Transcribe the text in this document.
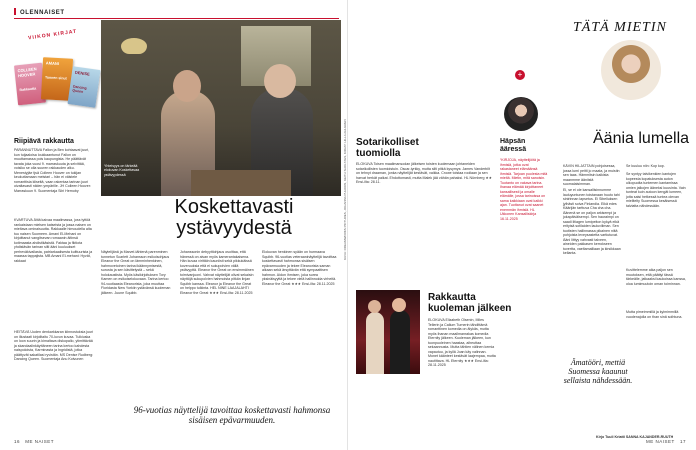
OLENNAISET
VIIKON KIRJAT
COLLEEN HOOVER
Rakkautta
AMANI
Tunnen sinut
DENISE
Dancing Queen
Riipiävä rakkautta
PARANNUTTAVA Fallon ja Ben kohtaavat juuri, kun tuijaaloisa loukkaantunut Fallon on muuttamassa pois kaupungista. He päättävät tavata joka vuosi 9. marraskuuta ja selvittää, voisiko se olla suuren rakkauden alku. Menestyjäe tjsä Colleen Hoover on tukijan keukuttamaan meistari – hän ei väistele romanttisia kliseitä, vaan rakentaa tarinan juuri oivaltavasti niiden ympärille. JH Colleen Hoover: Marraskuun 9. Suomentaja Siiri Hernoby
KVARTUVA Äitiä kaivaa maailmassa, joss tyttöä rankaistaan mielsen katseista ja jossa naisen on mieltava ominaisuutta. Rakkaalle himoudella alta tuu naisen Suomeen. Amani El-Mehani on kirjoittanut vangitsevan romaanin äitinsä kotimaasta ahdistikäsistä. Faktaa ja fiktiota yhdistävän tarinan silti ääni kuuluukset perheväkivallasta, patriarkaalisesta kulttuurista ja maassa tappajista. MB Amani El-mehani: Hyvät, rakkaat
HEITÄVÄ Uuden denkarkkaran kiinnostuksia juuri on illustaati kirjoiltaitu 70-luvun kuvaa. Tulkiuska on loon suurin ja kimaltava diskopallo, ytimittävää ja skandaalinkäyttäneen tarina kertoo kahdesta naispoloista, Karminasta ja Ingridistä, jotka päättyvät sakatilasi ryvistän. MS Denise Rudberg: Dancing Queen. Suomentaja Anu Koivunen
Yhteisyys on tärkeää elokuvan Koskettavaa ystävyydessä
Koskettavasti ystävyydestä
Näytelijänä ja Marvel-tähtenä parenminen tunnetun Scarlett Johansson esikoisohjaus Eleanor the Great on lämminhenkinen, hahmovetoinen tarina ikäännymisestä, surusta ja sen käsittelystä – sekä holokaustista. Myös käsikirjoituksen Tory Kamen on esikoiselokuvaan. Tarina kertoo 94-vuotiaasta Eleanorista, joka muuttaa Floridasta New Yorkiin ystävänsä kuoleman jälkeen. Juune Squibb.
Johanssonin debyyttiohjaus osoittaa, että hänessä on aivan myös kamerantakaisena. Hän kuvaa virittäin kauniisti sekä pikkukäissä koveruuksia että ei sukupolvien väliä ystävyyttä. Eleanor the Great on ensimmäinen toimivanjuoni. Vahvat näyttelijät olivat sekaisin näyttöjä sukupolvien hahmoista pitkän linjan Squibb kanssa. Eleanor ja Eleanor the Great on helppo tulkinta. HEL NINE LAAJALAHTI Eleanor the Great ★★★ Ensi-ilta: 28.11.2025
Elokuvan henkinen syään on hurmaava Squibb. 96-vuotias veteraaninäyttelijä tavoittaa koskettavasti hahmonsa sisäisen epävarmuuden ja tekee Eleanorista saman aikaan sekä ärsyttävän että sympaattisen hahmon. Aidon ihmisen, joka surea yksinäisyyttä ja tekee vielä hallinnoida virheitä. Eleanor the Great ★★★ Ensi-ilta: 28.11.2025
96-vuotias näyttelijä tavoittaa koskettavasti hahmonsa sisäisen epävarmuuden.
KUVA: DREAMWORKS PICTURES, JOHANNA PULKKIN, KEITH SHOLTZES, KIRJAT: HILLA AHLGREN
16 ME NAISET
Sotarikolliset tuomiolla
ELOKUVA Toisen maailmansodan jälkeisen toisten kuolemaan johtaneiden sotarikollisten tuomioistuin. Oscar-tyrkky, mutta silti pitkä kysymys: James Vanderbilt on tehnyt draaman, jonka näyttelijät kestävät, vaikka. Crowe toistaa rooliaan ja sen harvat herkät paikat. Ehdottomasti, mutta Malek jää vähän pahaksi. HL Nürnberg ★★ Ensi-ilta: 28.11.
Rakkautta kuoleman jälkeen
ELOKUVA Elizabeth Olsenin, Miles Tellerin ja Callum Turnerin tähdittämä romanttinen komedia on älykäs, mutta myös ihanan maailmanrakas komedia Eternity jälkeen. Kuoleman jälkeen, kun tuonpuoleinen haastaa, aiheuttaa sekaannusta. Mutta tähtien välinen kemia vapautuu, ja kyllä Joan käy valinnan. Monet käänteet kestävät laajempaa, mutta nautittava. HL Eternity ★★★ Ensi-ilta: 28.11.2025
+
Häpsän ääressä
“KIRJOJA, näyttelijöitä ja ihmisiä, jotka ovat rakastaneet elämäänsä ihmisiä. Tarjoan puolesta mitä mieltä. Mietin, mitä sanoisin. Tuotanto on vakava tarina. Ihanaa elämää kirjoittaneet kansallisesti ja omalle elämälle, jossa tarinoissa on sama kaikkiaan ovat kaikki ajan. Tuottanut ovat saanet enemmän ihmisiä. HL Ukkonen Kansalliskirja 16.11.2025
TÄTÄ MIETIN
Äänia lumella
KÄVIN HILJATTAIN pohjoisessa, jossa lumi peitti jo maata, ja muistin sen taas. Hämmitsin kaikista maanmme ääniistä suomalaisimman.
Ei, se ei ole kansallisinnumme lauluyuntunen toistanaan huuto tahi sinirinnan lapsetus. Ei Sibeliuksen jylhästi soiva Finlandia. Eikä edes Käärijän tarttuva Cha cha cha. Äänenä se on paljon arkisempi ja jokapäiväisempi. Sen hauraimpi on saadi iltiagen lumipeiton kykyä eikä erityisä sotilaiden lauluviliman. Sen tuotisten hallinnassa pikainen niitä pohjoista leveysastetta vartiutuvat. Ääni liittyy vahvasti talveen, aineiden pakkasen kerrokseen tuvertta, vaeltamalliaan ja kirsikkaan kellanta.
Se kuuluu niin: Kop kop.
Se syntyy talvikenkien kantojen kopeesta kopatuksesta auton ulkopuolta tuntemen kantamissa omien jalkojen ääneksi kuusinta. Vain tunteat kuin autoon kengät lumeen, jotta saisi hetkessä tuntea olevan mielitelty Suomessa kesäisessä talviatta nähdessään.
Kuvittelemme aika paljon sen muutoksen, että päättyi tässä tärkeälle, jatkaaksi kaukoissa kanssa, oloa lumimuutoin oman toiminnan.
Mutta pimeimmillä ja kylmimmillä vuodenajolla on than sinä soihtuna.
Ämatööri, mettiä Suomessa kaaunut sellaista nähdessään.
Kirjo Tuuli Kriatti SANNA KAJANDER-RUUTH
ME NAISET 17
